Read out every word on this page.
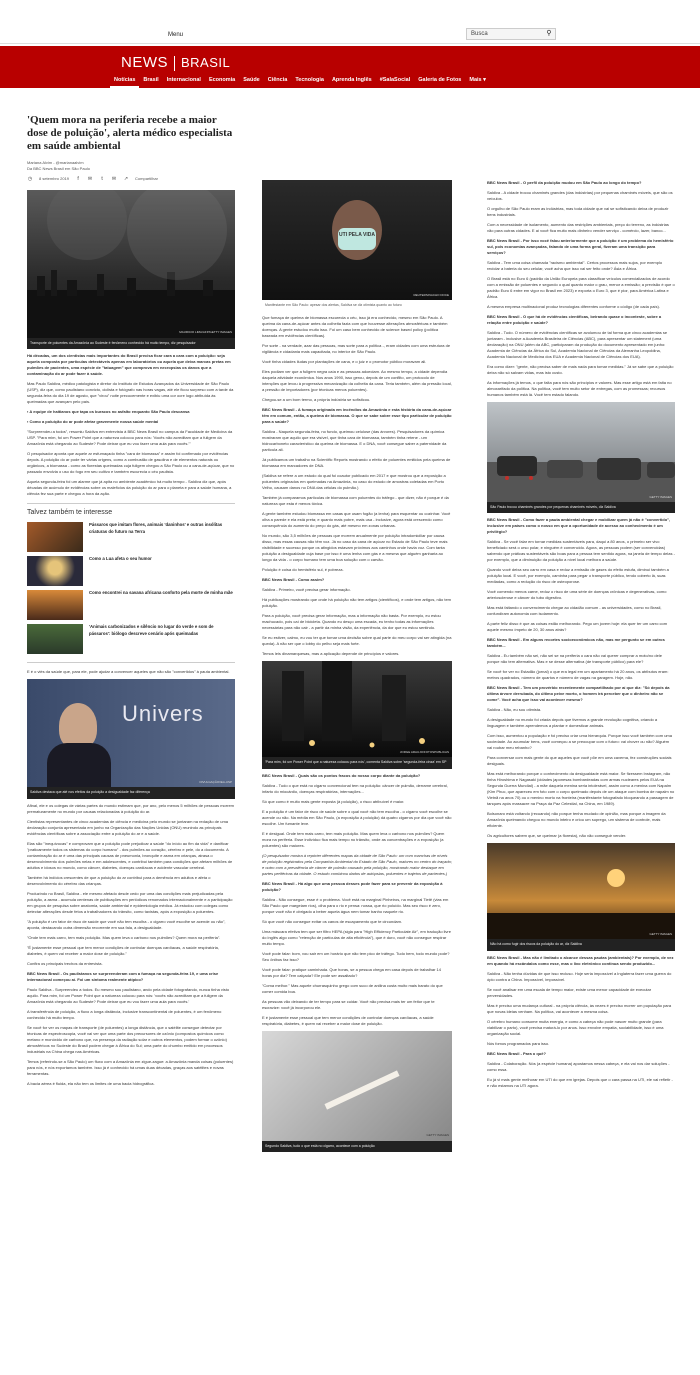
Menu	Busca	⚲
NEWS BRASIL
Notícias	Brasil	Internacional	Economia	Saúde	Ciência	Tecnologia	Aprenda Inglês	#SalaSocial	Galeria de Fotos	Mais ▾
'Quem mora na periferia recebe a maior dose de poluição', alerta médico especialista em saúde ambiental
Mariana Alvim - @marianaalvim
Da BBC News Brasil em São Paulo
◷ 8 setembro 2019	f	✉	t	✉ ↗ Compartilhar
MAURICIO LIMA/AFP/GETTY IMAGES
Transporte de poluentes da Amazônia ao Sudeste é fenômeno conhecido há muito tempo, diz pesquisador

Há décadas, um dos cientistas mais importantes do Brasil precisa ficar cara a cara com a poluição: seja aquela composta por partículas detectáveis apenas em laboratórios ou aquela que deixa marcas pretas em pulmões de pacientes, uma espécie de "tatuagem" que comprova em necropsias os danos que a contaminação do ar pode fazer à saúde.

Mas Paulo Saldiva, médico patologista e diretor do Instituto de Estudos Avançados da Universidade de São Paulo (USP), diz que, como paulistano convicto, ciclista e fotógrafo nas horas vagas, até ele ficou surpreso com a tarde da segunda-feira do dia 19 de agosto, que "virou" noite precocemente e exibiu uma cor ocre logo atribuída às queimadas que avançam pelo país.

▪ A equipe de haitianos que tapa os buracos no asfalto enquanto São Paulo descansa

▪ Como a poluição do ar pode afetar gravemente nossa saúde mental

"Surpreendeu a todos", resumiu Saldiva em entrevista à BBC News Brasil no campus da Faculdade de Medicina da USP. "Para mim, foi um Power Point que a natureza colocou para nós: 'Vocês não acreditam que a fuligem da Amazônia está chegando ao Sudeste? Pode deixar que eu vou fazer uma aula para vocês.'"

O pesquisador aponta que aquele ar esfumaçado tinha "cara de biomassa" e assim foi confirmado por evidências depois. A poluição do ar pode ter várias origens, como a combustão de gasolina e de elementos naturais ou orgânicos, a biomassa - como as florestas queimadas cuja fuligem chegou a São Paulo ou a cana-de-açúcar, que no passado envolvia o uso do fogo em seu cultivo e também escurecia o céu paulista.

Aquela segunda-feira foi um alarme que já apita no ambiente acadêmico há muito tempo - Saldiva diz que, após décadas de acúmulo de evidências sobre os malefícios da poluição do ar para o planeta e para a saúde humana, a ciência fez sua parte e chegou a hora da ação.

Talvez também te interesse
Pássaros que imitam flores, animais 'daninhos' e outras insólitas criaturas do futuro na Terra
Como a Lua afeta o seu humor
Como encontrei na savana africana conforto pela morte de minha mãe
'Animais carbonizados e silêncio no lugar do verde e som de pássaros': biólogo descreve cenário após queimadas

E é o viés da saúde que, para ele, pode ajudar a convencer aqueles que não são "convertidos" à pauta ambiental.

Univers
DIVULGAÇÃO/IEA-USP
Saldiva destaca que até nos efeitos da poluição a desigualdade faz diferença

Afinal, ele e os colegas de várias partes do mundo estimam que, por ano, pelo menos 5 milhões de pessoas morrem prematuramente no mundo por causas relacionadas à poluição do ar.

Cientistas representantes de cinco academias de ciência e medicina pelo mundo se juntaram na redação de uma declaração conjunta apresentada em junho na Organização das Nações Unidas (ONU) reunindo as principais evidências científicas sobre a associação entre a poluição do ar e a saúde.

Elas são "inequívocas" e comprovam que a poluição pode prejudicar a saúde "do início ao fim da vida" e danificar "praticamente todos os sistemas do corpo humano" - dos pulmões ao coração, cérebro e pele, do a documento. A contaminação do ar é uma das principais causas de pneumonia, bronquite e asma em crianças, atrasa o desenvolvimento dos pulmões nelas e em adolescentes, e contribui também para condições que afetam milhões de adultos e idosos no mundo, como câncer, diabetes, doenças cardíacas e acidente vascular cerebral.

Também há indícios crescentes de que a poluição do ar contribui para a demência em adultos e afeta o desenvolvimento do cérebro das crianças.

Produzindo no Brasil, Saldiva - ele mesmo afetado desde cedo por uma das condições mais prejudicadas pela poluição, a asma - acumula centenas de publicações em periódicos renomados internacionalmente e a participação em grupos de pesquisa sobre anatomia, saúde ambiental e epidemiologia médica. Já estudou com colegas como detectar alterações desde fetos a trabalhadores do trânsito, como taxistas, após a exposição a poluentes.

"A poluição é um fator de risco de saúde que você não tem escolha - o cigarro você escolhe se acende ou não", aponta, destacando outra dimensão recorrente em sua fala, a desigualdade.

"Onde tem mais carro, tem mais poluição. Mas quem leva o carbono nos pulmões? Quem mora na periferia".

"É justamente esse pessoal que tem menor condições de controlar doenças cardíacas, a saúde respiratória, diabetes, é quem vai receber a maior dose de poluição."

Confira os principais trechos da entrevista.

BBC News Brasil - Os paulistanos se surpreenderam com a fumaça na segunda-feira 19, e uma crise internacional começou aí. Foi um sintoma realmente atípico?

Paulo Saldiva - Surpreendeu a todos. Eu mesmo sou paulistano, ando pela cidade fotografando, nunca tinha visto aquilo. Para mim, foi um Power Point que a natureza colocou para nós: 'vocês não acreditam que a fuligem da Amazônia está chegando ao Sudeste? Pode deixar que eu vou fazer uma aula para vocês.'

A transferência de poluição, a fluxo a longa distância, inclusive transcontinental de poluentes, é um fenômeno conhecido há muito tempo.

Se você for ver os mapas de transporte (de poluentes) a longa distância, que o satélite consegue detectar por técnicas de espectroscopia, você vai ver que uma parte dos precursores de ozônio (compostos químicos como metano e monóxido de carbono que, na presença da radiação solar e outros elementos, podem formar o ozônio) atmosféricos no Sudeste do Brasil podem chegar à África do Sul; uma parte do chumbo emitido em processos industriais na China chega nas Américas.

Temos (referindo-se a São Paulo) um fluxo com a Amazônia em zigue-zague: a Amazônia manda coisas (poluentes) para nós, e nós exportamos também. Isso já é conhecido há umas duas décadas, graças aos satélites e novas ferramentas.

A bacia aérea é fluida, ela não tem os limites de uma bacia hidrográfica.

UTI PELA VIDA
REUTERS/NACHO DOCE
Manifestante em São Paulo: apesar dos alertas, Saldiva se diz otimista quanto ao futuro

Que fumaça de queima de biomassa escurecia o céu, isso já era conhecido, mesmo em São Paulo. A queima da cana-de-açúcar antes da colheita fazia com que houvesse alterações atmosféricas e também doenças. A gente estudou muito isso. Foi um caso bem conhecido de science based policy (política baseada em evidências científicas).

Por sorte - na verdade, azar das pessoas, mas sorte para a política -, eram cidades com uma estrutura de vigilância e cidadania mais capacitada, no interior de São Paulo.

Você tinha cidades iludas por plantações de cana, e o juiz e o promotor público moravam ali.

Eles podiam ver que a fuligem negra caía e as pessoas adoeciam. Ao mesmo tempo, a cidade dependia daquela atividade econômica. Nos anos 1990, isso gerou, depois de um conflito, um protocolo de intenções que levou à progressiva mecanização da colheita da cana. Teria também, além da pressão local, a pressão de importadores (por técnicas menos poluentes).

Chegou-se a um bom termo, a própria indústria se sofisticou.

BBC News Brasil - A fumaça originada em incêndios da Amazônia e esta história da cana-de-açúcar têm em comum, então, a queima de biomassa. O que se sabe sobre esse tipo particular de poluição para a saúde?

Saldiva - Naquela segunda-feira, no fundo, queimou celulose (das árvores). Pesquisadores da química mostraram que aquilo que era visível, que tinha cara de biomassa, também tinha retene - um hidrocarboneto característico da queima de biomassa. E o DNA, você consegue saber a paternidade da partícula ali.

Já publicamos um trabalho na Scientific Reports mostrando o efeito de poluentes emitidos pela queima de biomassa em marcadores de DNA.

(Saldiva se refere a um estudo do qual foi coautor publicado em 2017 e que mostrou que a exposição a poluentes originados em queimadas na Amazônia, no caso do estudo de amostras coletadas em Porto Velho, causam danos no DNA das células do pulmão.)

Também já comparamos partículas de biomassa com poluentes do tráfego - que dizer, não é porque é da natureza que esta é menos tóxica.

A gente também estudou biomassa em casas que usam fogão (a lenha) para esquentar ou cozinhar. Você olha a parede e ela está preta; e quanto mais pobre, mais usa - inclusive, agora está crescendo como consequência do aumento do preço do gás, até mesmo em zonas urbanas.

No mundo, são 3,5 milhões de pessoas que morrem anualmente por poluição intradomiciliar por causa disso, mas essas causas não têm voz. Já no caso da cana de açúcar no Estado de São Paulo teve mais visibilidade e sucesso porque os atingidos estavam próximos aos caminhos onde havia voz. Com tanta poluição a desigualdade cuja base por isso é uma lenha com gás e a mesma que alguém ganharia ao longo da vida - o corpo humano tem uma boa solução com o carvão.

Poluição é coisa do hemisfério sul, é pobreza.

BBC News Brasil - Como assim?

Saldiva - Primeiro, você precisa gerar informação.

Há publicações mostrando que onde há poluição não tem artigos (científicos), e onde tem artigos, não tem poluição.

Para a poluição, você precisa gerar informação, mas a informação não basta. Por exemplo, eu estou machucado, pois caí de bicicleta. Quando eu desço uma escada, eu tenho todas as informações necessárias para não cair - a partir da minha visão, da experiência, da dor que eu estou sentindo.

Se eu estiver, calmo, eu vou ter que tomar uma decisão sobre qual parte do meu corpo vai ser atingida (na queda). A não ser que o lobby do pelho seja mais forte.

Temos leis dinamarquesas, mas a aplicação depende de princípios e valores.

JORGE ARAUJO/FOTOSPUBLICAS
'Para mim, foi um Power Point que a natureza colocou para nós', comenta Saldiva sobre 'segunda-feira cinza' em SP

BBC News Brasil - Quais são os pontos fracos do nosso corpo diante da poluição?

Saldiva - Tudo o que está no cigarro convencional tem na poluição: câncer de pulmão, derrame cerebral, infarto do miocárdio, doenças respiratórias, internações...

Só que como é muito mais gente exposta (à poluição), o risco atribuível é maior.

E a poluição é um fator de risco de saúde sobre o qual você não tem escolha - o cigarro você escolhe se acende ou não. Na média em São Paulo, (a exposição à poluição) dá quatro cigarros por dia que você não escolhe. Um fumante leve.

E é desigual. Onde tem mais carro, tem mais poluição. Mas quem leva o carbono nos pulmões? Quem mora na periferia. Esse indivíduo fica mais tempo no trânsito, onde as concentrações e a exposição (a poluentes) são maiores.

(O pesquisador mostra à repórter diferentes mapas da cidade de São Paulo: um com manchas de níveis de poluição registrados pela Companhia Ambiental do Estado de São Paulo, maiores no centro do traçado; e outro com a prevalência de câncer de pulmão causado pela poluição, mostrando maior destaque em partes periféricas da cidade. O estudo combinou dados de autópsias, poluentes e trajetos de pacientes.)

BBC News Brasil - Há algo que uma pessoa desses pode fazer para se prevenir da exposição à poluição?

Saldiva - Não consegue, esse é o problema. Você está na marginal Pinheiros, na marginal Tietê (vias em São Paulo que margeiam rios), olha para o rio e pensa: nossa, que rio poluído. Mas seu risco é zero, porque você não é obrigado a beber aquela água nem tomar banho naquele rio.

Só que você não consegue evitar os canos de escapamento que te circundam.

Uma máscara efetiva tem que ser filtro HEPA (sigla para "High Efficiency Particulate Air", em tradução livre do inglês algo como "retenção de partículas de alta eficiência"), que é duro, você não consegue respirar muito tempo.

Você pode falar: bom, vou sair em um horário que não tem pico de tráfego. Tudo bem, todo mundo pode? Seu ônibus faz isso?

Você pode falar: pratique caminhada. Que horas, se a pessoa chega em casa depois de trabalhar 14 horas por dia? Tem calçada? Ele pode ser assaltado?

"Coma melhor." Mas aquele churrasquinho grego com suco de anilina custa muito mais barato do que comer comida boa.

As pessoas vão deixando de ter tempo para se cuidar. Você não precisa mais ter um feitor que te escravize: você já incorporou ele.

E é justamente esse pessoal que tem menor condições de controlar doenças cardíacas, a saúde respiratória, diabetes, é quem vai receber a maior dose de poluição.

GETTY IMAGES
Segundo Saldiva, tudo o que está no cigarro, acontece com a poluição

BBC News Brasil - O perfil da poluição mudou em São Paulo ao longo do tempo?

Saldiva - A cidade trocou chaminés grandes (das indústrias) por pequenas chaminés móveis, que são os veículos.

O orgulho de São Paulo eram as indústrias, mas toda cidade que vai se sofisticando deixa de produzir bens industriais.

Com a necessidade de isolamento, aumento das restrições ambientais, preço do terreno, as indústrias vão para outras cidades. E aí você fica muito mais dinheiro vender serviço - comércio, lazer, banco...

BBC News Brasil - Por isso você falou anteriormente que a poluição é um problema do hemisfério sul, pois economias avançadas, falando de uma forma geral, fizeram uma transição para serviços?

Saldiva - Tem uma coisa chamada "racismo ambiental". Certos processos mais sujos, por exemplo reciclar a bateria do seu celular, você acha que isso vai ser feito onde? Ásia e África.

O Brasil está no Euro 6 (padrão da União Europeia para classificar veículos comercializados de acordo com a emissão de poluentes e segundo o qual quanto maior o grau, menor a emissão; a previsão é que o padrão Euro 6 entre em vigor no Brasil em 2023) e exporta o Euro 3, que é pior, para América Latina e África.

A mesma empresa multinacional produz tecnologias diferentes conforme o código (de cada país).

BBC News Brasil - O que há de evidências científicas, beirando quase o inconteste, sobre a relação entre poluição e saúde?

Saldiva - Tudo. O número de evidências científicas se avolumou de tal forma que cinco academias se juntaram - inclusive a Academia Brasileira de Ciências (ABC), para apresentar um statement (uma declaração) na ONU (além da ABC, participaram da produção do documento apresentado em junho: Academia de Ciências da África do Sul, Academia Nacional de Ciências da Alemanha Leopoldina, Academia Nacional de Medicina dos EUA e Academia Nacional de Ciências dos EUA).

Era como dizer: "gente, não precisa saber de mais nada para tomar medidas." Já se sabe que a poluição deixa não só salvam vidas, mas isto custo.

As informações já temos, o que falta para nós são princípios e valores. Mas esse artigo está em falta no almoxarifado da política. Na política, você tem muito setor de entregas, com as promessas; recursos humanos também está lá. Você tem estado falando.

GETTY IMAGES
São Paulo trocou chaminés grandes por pequenas chaminés móveis, diz Saldiva

BBC News Brasil - Como fazer a pauta ambiental chegar e mobilizar quem já não é "convertido", inclusive em países como o nosso em que a oportunidade de acesso ao conhecimento é um privilégio?

Saldiva - Se você falar em tornar medidas sustentáveis para, daqui a 80 anos, o primeiro ser vivo beneficiado será o urso polar, e ninguém é convencido. Agora, as pessoas podem (ser convencidas) sabendo que práticas sustentáveis são boas para a pessoa tem sentido agora, na janela de tempo delas - por exemplo, que a diminuição da poluição a nível local melhora a saúde.

Quando você deixa seu carro em casa e reduz a emissão de gases do efeito estufa, diminui também a poluição local. E você, por exemplo, caminha para pegar o transporte público, tendo coberto lá, suas mediadas, como a redução do risco de osteoporose.

Você comendo menos carne, reduz o risco de uma série de doenças crônicas e degenerativas, como arteriosclerose e câncer do tubo digestivo.

Mas está faltando o convencimento chegar ao cidadão comum - as universidades, como no Brasil, confundiram autonomia com isolamento.

A parte feliz disso é que as coisas estão melhorando. Pego um jovem hoje: ela quer ter um carro com aquele mesmo ímpeto de 20, 30 anos atrás?

BBC News Brasil - Em alguns recortes socioeconômicos não, mas me pergunto se em outros também...

Saldiva - Eu também não sei, não sei se na periferia o cara não vai querer comprar a moto/no dele porque não tem alternativa. Mas e se desse alternativa (de transporte público) para ele?

Se você for ver no Estadão (jornal) o que era legal em um apartamento há 20 anos, os atributos eram: metros quadrados, número de quartos e número de vagas na garagem. Hoje, não.

BBC News Brasil - Tem um provérbio recentemente compartilhado por aí que diz: "Só depois da última árvore derrubada, do último peixe morto, o homem irá perceber que o dinheiro não se come". Você acha que isso vai acontecer mesmo?

Saldiva - Não, eu sou otimista.

A desigualdade no mundo foi criada depois que tivemos a grande revolução cognitiva, criando a linguagem e também aprendemos a plantar e domesticar animais.

Com isso, aumentou a população e foi preciso criar uma hierarquia. Porque isso você também com uma sociedade. Ao acumular bens, você começou a se preocupar com o futuro: vai chover ou não? Alguém vai roubar meu rebanho?

Para conversar com mais gente do que aqueles que você põe em uma caverna, fez construções sociais desiguais.

Mas está melhorando porque o conhecimento da desigualdade está maior. Se fizessem Instagram, não tinha Hiroshima e Nagasaki (cidades japonesas bombardeadas com armas nucleares pelos EUA na Segunda Guerra Mundial) - a mãe daquela menina seria intolerável, assim como a menina com Napalm (Kim Phuc, que apareceu em foto com o corpo queimado depois de um ataque com bomba de napalm no Vietnã na anos 70) ou o menino morto na fronteira (manifestante fotografado bloqueando a passagem de tanques após massacre na Praça da Paz Celestial, na China, em 1989).

Bolsonaro está voltando (recuando) não porque tenha mudado de opinião, mas porque a imagem da Amazônia queimando chegou no mundo inteiro e criou um suprego, um sistema de controle, mais eficiente.

Os agricultores sabem que, se queimar (a floresta), não vão conseguir vender.

GETTY IMAGES
Não há como fugir dos riscos da poluição do ar, diz Saldiva

BBC News Brasil - Mas não é limitado o alcance dessas pautas (ambientais)? Por exemplo, de vez em quando há escândalos como esse, mas o lixo eletrônico continua sendo produzido...

Saldiva - Não tenha dúvidas de que isso recluso. Hoje seria impossível a Inglaterra fazer uma guerra do ópio contra a China. Impossível, impossível.

Se você analisar em uma escala de tempo maior, existe uma menor capacidade de executar perversidades.

Mas é preciso uma mudança cultural - na própria ciência, às vezes é preciso morrer um pupulação para que novas ideias venham. Na política, vai acontecer a mesma coisa.

O cérebro humano consome muita energia, e como a cabeça não pode nascer muito grande (para viabilizar o parto), você precisa maturá-lo por anos. Isso envolve empatia, sociabilidade, isso é uma organização social.

Nós fomos programados para isso.

BBC News Brasil - Para o quê?

Saldiva - Colaboração. Nós (a espécie humana) apostamos nessa cabeça, e ela vai nos dar soluções - como essa.

Eu já vi mais gente melhorar em UTI do que em igrejas. Depois que o cara passa na UTI, ele vai refletir - e não estamos na UTI agora.
